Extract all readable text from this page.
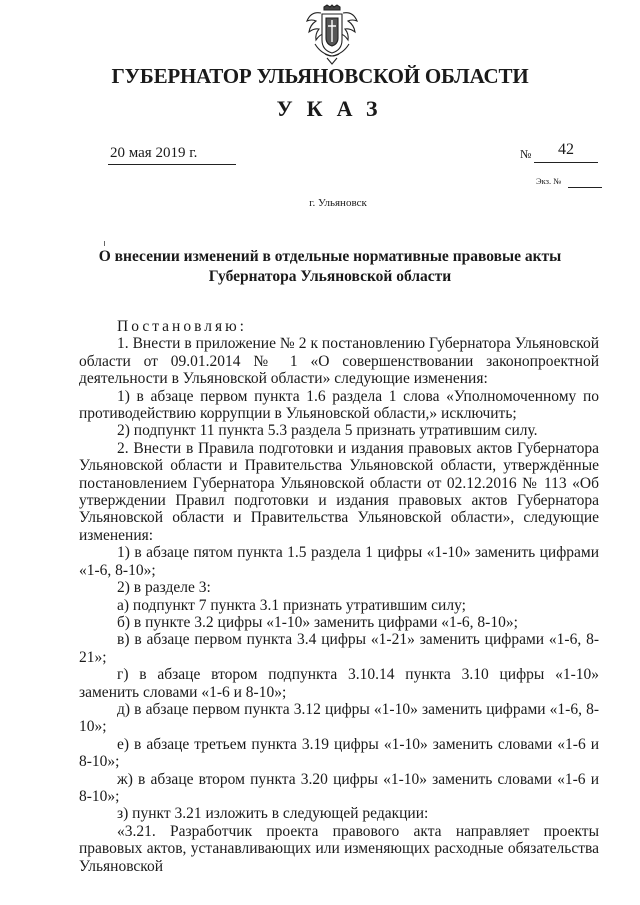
ГУБЕРНАТОР УЛЬЯНОВСКОЙ ОБЛАСТИ
УКАЗ
20 мая 2019 г.	№ 42
Экз. №
г. Ульяновск
О внесении изменений в отдельные нормативные правовые акты
Губернатора Ульяновской области

Постановляю:

1. Внести в приложение № 2 к постановлению Губернатора Ульяновской области от 09.01.2014 № 1 «О совершенствовании законопроектной деятельности в Ульяновской области» следующие изменения:

1) в абзаце первом пункта 1.6 раздела 1 слова «Уполномоченному по противодействию коррупции в Ульяновской области,» исключить;

2) подпункт 11 пункта 5.3 раздела 5 признать утратившим силу.

2. Внести в Правила подготовки и издания правовых актов Губернатора Ульяновской области и Правительства Ульяновской области, утверждённые постановлением Губернатора Ульяновской области от 02.12.2016 № 113 «Об утверждении Правил подготовки и издания правовых актов Губернатора Ульяновской области и Правительства Ульяновской области», следующие изменения:

1) в абзаце пятом пункта 1.5 раздела 1 цифры «1-10» заменить цифрами «1-6, 8-10»;

2) в разделе 3:

а) подпункт 7 пункта 3.1 признать утратившим силу;

б) в пункте 3.2 цифры «1-10» заменить цифрами «1-6, 8-10»;

в) в абзаце первом пункта 3.4 цифры «1-21» заменить цифрами «1-6, 8-21»;

г) в абзаце втором подпункта 3.10.14 пункта 3.10 цифры «1-10» заменить словами «1-6 и 8-10»;

д) в абзаце первом пункта 3.12 цифры «1-10» заменить цифрами «1-6, 8-10»;

е) в абзаце третьем пункта 3.19 цифры «1-10» заменить словами «1-6 и 8-10»;

ж) в абзаце втором пункта 3.20 цифры «1-10» заменить словами «1-6 и 8-10»;

з) пункт 3.21 изложить в следующей редакции:

«3.21. Разработчик проекта правового акта направляет проекты правовых актов, устанавливающих или изменяющих расходные обязательства Ульяновской
